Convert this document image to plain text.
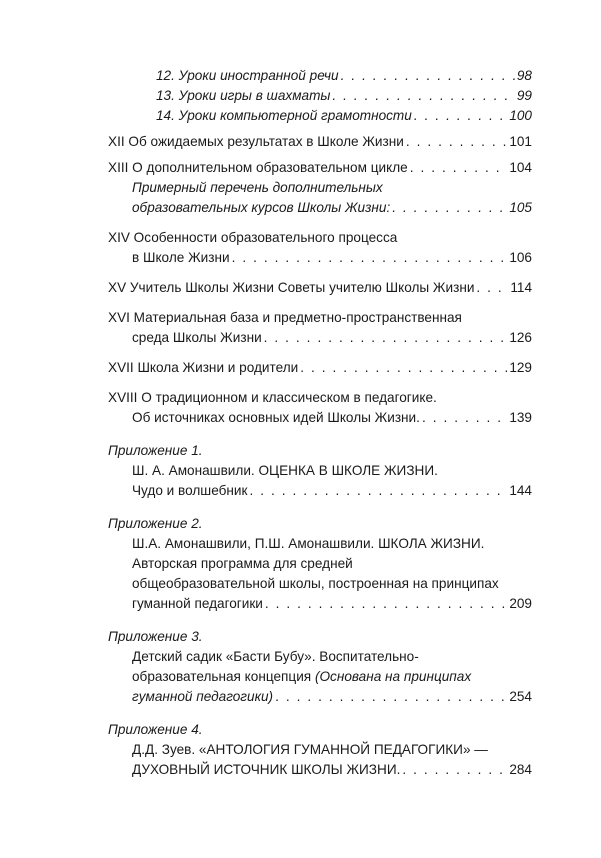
12. Уроки иностранной речи . . .	98
13. Уроки игры в шахматы . . .	99
14. Уроки компьютерной грамотности . . .	100
XII Об ожидаемых результатах в Школе Жизни . . .	101
XIII О дополнительном образовательном цикле . . .	104
Примерный перечень дополнительных
образовательных курсов Школы Жизни: . . .	105
XIV Особенности образовательного процесса
в Школе Жизни . . .	106
XV Учитель Школы Жизни Советы учителю Школы Жизни . . .	114
XVI Материальная база и предметно-пространственная
среда Школы Жизни . . .	126
XVII Школа Жизни и родители . . .	129
XVIII О традиционном и классическом в педагогике.
Об источниках основных идей Школы Жизни. . . .	139
Приложение 1.
Ш. А. Амонашвили. ОЦЕНКА В ШКОЛЕ ЖИЗНИ.
Чудо и волшебник . . .	144
Приложение 2.
Ш.А. Амонашвили, П.Ш. Амонашвили. ШКОЛА ЖИЗНИ.
Авторская программа для средней
общеобразовательной школы, построенная на принципах
гуманной педагогики . . .	209
Приложение 3.
Детский садик «Басти Бубу». Воспитательно-
образовательная концепция (Основана на принципах
гуманной педагогики) . . .	254
Приложение 4.
Д.Д. Зуев. «АНТОЛОГИЯ ГУМАННОЙ ПЕДАГОГИКИ» —
ДУХОВНЫЙ ИСТОЧНИК ШКОЛЫ ЖИЗНИ. . . .	284
